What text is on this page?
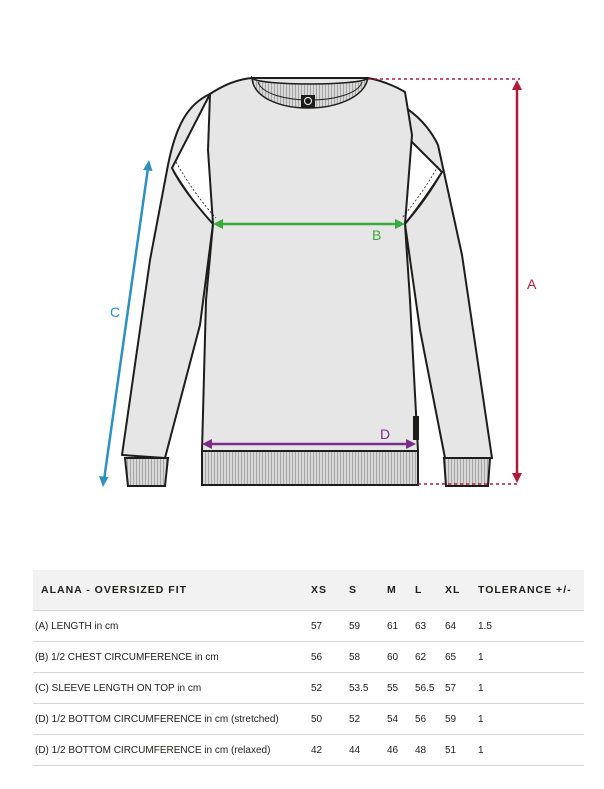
A
B
C
D
ALANA - OVERSIZED FIT	XS	S	M	L	XL	TOLERANCE +/-
(A) LENGTH in cm	57	59	61	63	64	1.5
(B) 1/2 CHEST CIRCUMFERENCE in cm	56	58	60	62	65	1
(C) SLEEVE LENGTH ON TOP in cm	52	53.5	55	56.5	57	1
(D) 1/2 BOTTOM CIRCUMFERENCE in cm (stretched)	50	52	54	56	59	1
(D) 1/2 BOTTOM CIRCUMFERENCE in cm (relaxed)	42	44	46	48	51	1
